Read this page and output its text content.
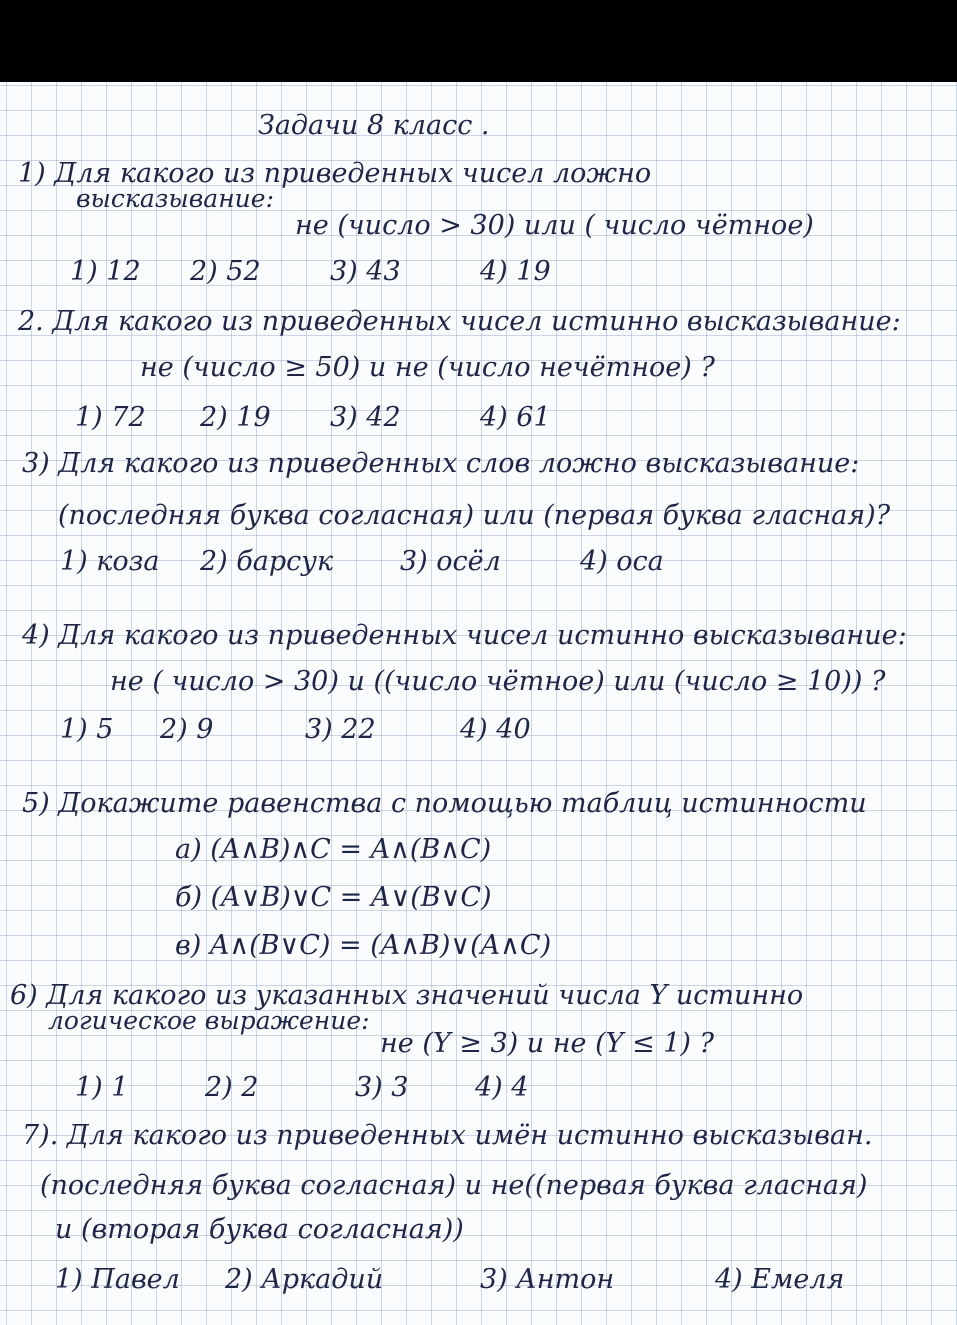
Задачи 8 класс .
1) Для какого из приведенных чисел ложно
высказывание:
не (число > 30) или ( число чётное)
1) 12 2) 52	3) 43	4) 19
2. Для какого из приведенных чисел истинно высказывание:
не (число ≥ 50) и не (число нечётное) ?
1) 72 2) 19 3) 42	4) 61
3) Для какого из приведенных слов ложно высказывание:
(последняя буква согласная) или (первая буква гласная)?
1) коза 2) барсук 3) осёл	4) оса
4) Для какого из приведенных чисел истинно высказывание:
не ( число > 30) и ((число чётное) или (число ≥ 10)) ?
1) 5 2) 9	3) 22	4) 40
5) Докажите равенства с помощью таблиц истинности
а) (A∧B)∧C = A∧(B∧C)
б) (A∨B)∨C = A∨(B∨C)
в) A∧(B∨C) = (A∧B)∨(A∧C)
6) Для какого из указанных значений числа Y истинно
логическое выражение:
не (Y ≥ 3) и не (Y ≤ 1) ?
1) 1	2) 2	3) 3 4) 4
7). Для какого из приведенных имён истинно высказыван.
(последняя буква согласная) и не((первая буква гласная)
и (вторая буква согласная))
1) Павел 2) Аркадий	3) Антон	4) Емеля
